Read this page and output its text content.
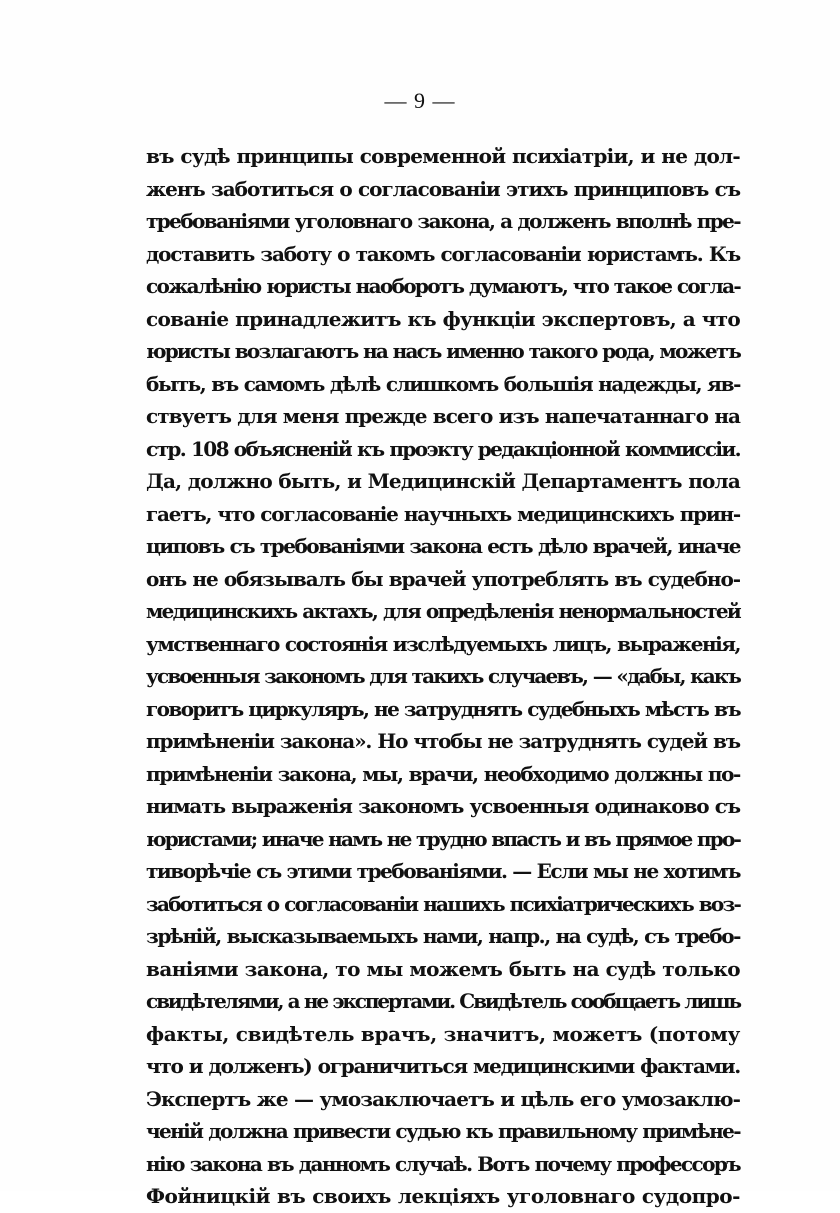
— 9 —
въ судѣ принципы современной психіатріи, и не дол-
женъ заботиться о согласованіи этихъ принциповъ съ
требованіями уголовнаго закона, а долженъ вполнѣ пре-
доставить заботу о такомъ согласованіи юристамъ. Къ
сожалѣнію юристы наоборотъ думаютъ, что такое согла-
сованіе принадлежитъ къ функціи экспертовъ, а что
юристы возлагаютъ на насъ именно такого рода, можетъ
быть, въ самомъ дѣлѣ слишкомъ большія надежды, яв-
ствуетъ для меня прежде всего изъ напечатаннаго на
стр. 108 объясненій къ проэкту редакціонной коммиссіи.
Да, должно быть, и Медицинскій Департаментъ пола
гаетъ, что согласованіе научныхъ медицинскихъ прин-
циповъ съ требованіями закона есть дѣло врачей, иначе
онъ не обязывалъ бы врачей употреблять въ судебно-
медицинскихъ актахъ, для опредѣленія ненормальностей
умственнаго состоянія изслѣдуемыхъ лицъ, выраженія,
усвоенныя закономъ для такихъ случаевъ, — «дабы, какъ
говоритъ циркуляръ, не затруднять судебныхъ мѣстъ въ
примѣненіи закона». Но чтобы не затруднять судей въ
примѣненіи закона, мы, врачи, необходимо должны по-
нимать выраженія закономъ усвоенныя одинаково съ
юристами; иначе намъ не трудно впасть и въ прямое про-
тиворѣчіе съ этими требованіями. — Если мы не хотимъ
заботиться о согласованіи нашихъ психіатрическихъ воз-
зрѣній, высказываемыхъ нами, напр., на судѣ, съ требо-
ваніями закона, то мы можемъ быть на судѣ только
свидѣтелями, а не экспертами. Свидѣтель сообщаетъ лишь
факты, свидѣтель врачъ, значитъ, можетъ (потому
что и долженъ) ограничиться медицинскими фактами.
Экспертъ же — умозаключаетъ и цѣль его умозаклю-
ченій должна привести судью къ правильному примѣне-
нію закона въ данномъ случаѣ. Вотъ почему профессоръ
Фойницкій въ своихъ лекціяхъ уголовнаго судопро-
